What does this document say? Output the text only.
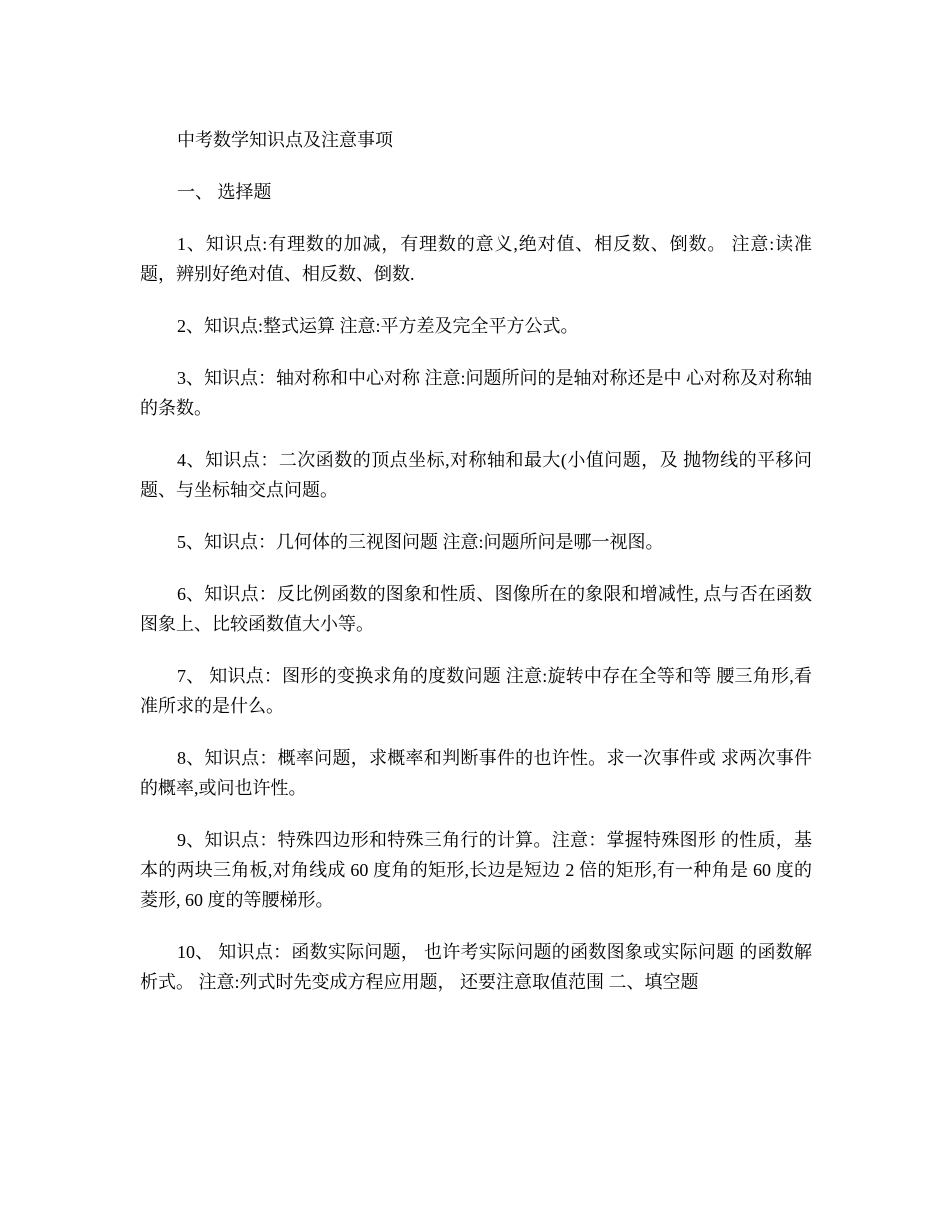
中考数学知识点及注意事项

一、 选择题

1、知识点:有理数的加减，有理数的意义,绝对值、相反数、倒数。 注意:读准题，辨别好绝对值、相反数、倒数.

2、知识点:整式运算 注意:平方差及完全平方公式。

3、知识点：轴对称和中心对称 注意:问题所问的是轴对称还是中 心对称及对称轴的条数。

4、知识点：二次函数的顶点坐标,对称轴和最大(小值问题，及 抛物线的平移问题、与坐标轴交点问题。

5、知识点：几何体的三视图问题 注意:问题所问是哪一视图。

6、知识点：反比例函数的图象和性质、图像所在的象限和增减性, 点与否在函数图象上、比较函数值大小等。

7、 知识点：图形的变换求角的度数问题 注意:旋转中存在全等和等 腰三角形,看准所求的是什么。

8、知识点：概率问题，求概率和判断事件的也许性。求一次事件或 求两次事件的概率,或问也许性。

9、知识点：特殊四边形和特殊三角行的计算。注意：掌握特殊图形 的性质，基本的两块三角板,对角线成 60 度角的矩形,长边是短边 2 倍的矩形,有一种角是 60 度的菱形, 60 度的等腰梯形。

10、 知识点：函数实际问题， 也许考实际问题的函数图象或实际问题 的函数解析式。 注意:列式时先变成方程应用题， 还要注意取值范围 二、填空题
